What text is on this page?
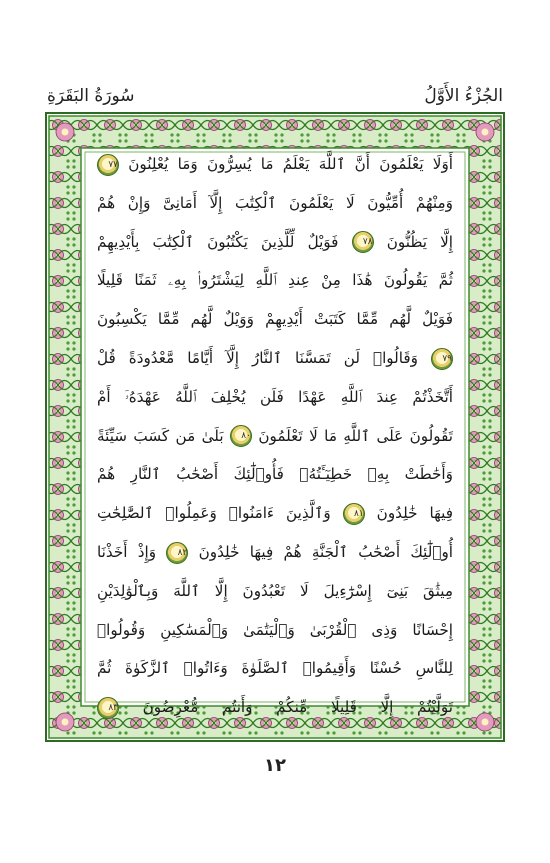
سُورَةُ البَقَرَةِ	الجُزْءُ الأَوَّلُ
أَوَلَا يَعْلَمُونَ أَنَّ ٱللَّهَ يَعْلَمُ مَا يُسِرُّونَ وَمَا يُعْلِنُونَ ٧٧
وَمِنْهُمْ أُمِّيُّونَ لَا يَعْلَمُونَ ٱلْكِتَٰبَ إِلَّآ أَمَانِىَّ وَإِنْ هُمْ
إِلَّا يَظُنُّونَ ٧٨ فَوَيْلٌ لِّلَّذِينَ يَكْتُبُونَ ٱلْكِتَٰبَ بِأَيْدِيهِمْ
ثُمَّ يَقُولُونَ هَٰذَا مِنْ عِندِ ٱللَّهِ لِيَشْتَرُوا۟ بِهِۦ ثَمَنًا قَلِيلًا
فَوَيْلٌ لَّهُم مِّمَّا كَتَبَتْ أَيْدِيهِمْ وَوَيْلٌ لَّهُم مِّمَّا يَكْسِبُونَ
٧٩ وَقَالُوا۟ لَن تَمَسَّنَا ٱلنَّارُ إِلَّآ أَيَّامًا مَّعْدُودَةً قُلْ
أَتَّخَذْتُمْ عِندَ ٱللَّهِ عَهْدًا فَلَن يُخْلِفَ ٱللَّهُ عَهْدَهُۥٓ أَمْ
تَقُولُونَ عَلَى ٱللَّهِ مَا لَا تَعْلَمُونَ ٨٠ بَلَىٰ مَن كَسَبَ سَيِّئَةً
وَأَحَٰطَتْ بِهِۦ خَطِيٓـَٔتُهُۥ فَأُو۟لَٰٓئِكَ أَصْحَٰبُ ٱلنَّارِ هُمْ
فِيهَا خَٰلِدُونَ ٨١ وَٱلَّذِينَ ءَامَنُوا۟ وَعَمِلُوا۟ ٱلصَّٰلِحَٰتِ
أُو۟لَٰٓئِكَ أَصْحَٰبُ ٱلْجَنَّةِ هُمْ فِيهَا خَٰلِدُونَ ٨٢ وَإِذْ أَخَذْنَا
مِيثَٰقَ بَنِىٓ إِسْرَٰٓءِيلَ لَا تَعْبُدُونَ إِلَّا ٱللَّهَ وَبِٱلْوَٰلِدَيْنِ
إِحْسَانًا وَذِى ٱلْقُرْبَىٰ وَٱلْيَتَٰمَىٰ وَٱلْمَسَٰكِينِ وَقُولُوا۟
لِلنَّاسِ حُسْنًا وَأَقِيمُوا۟ ٱلصَّلَوٰةَ وَءَاتُوا۟ ٱلزَّكَوٰةَ ثُمَّ
تَوَلَّيْتُمْ إِلَّا قَلِيلًا مِّنكُمْ وَأَنتُم مُّعْرِضُونَ ٨٣
١٢
